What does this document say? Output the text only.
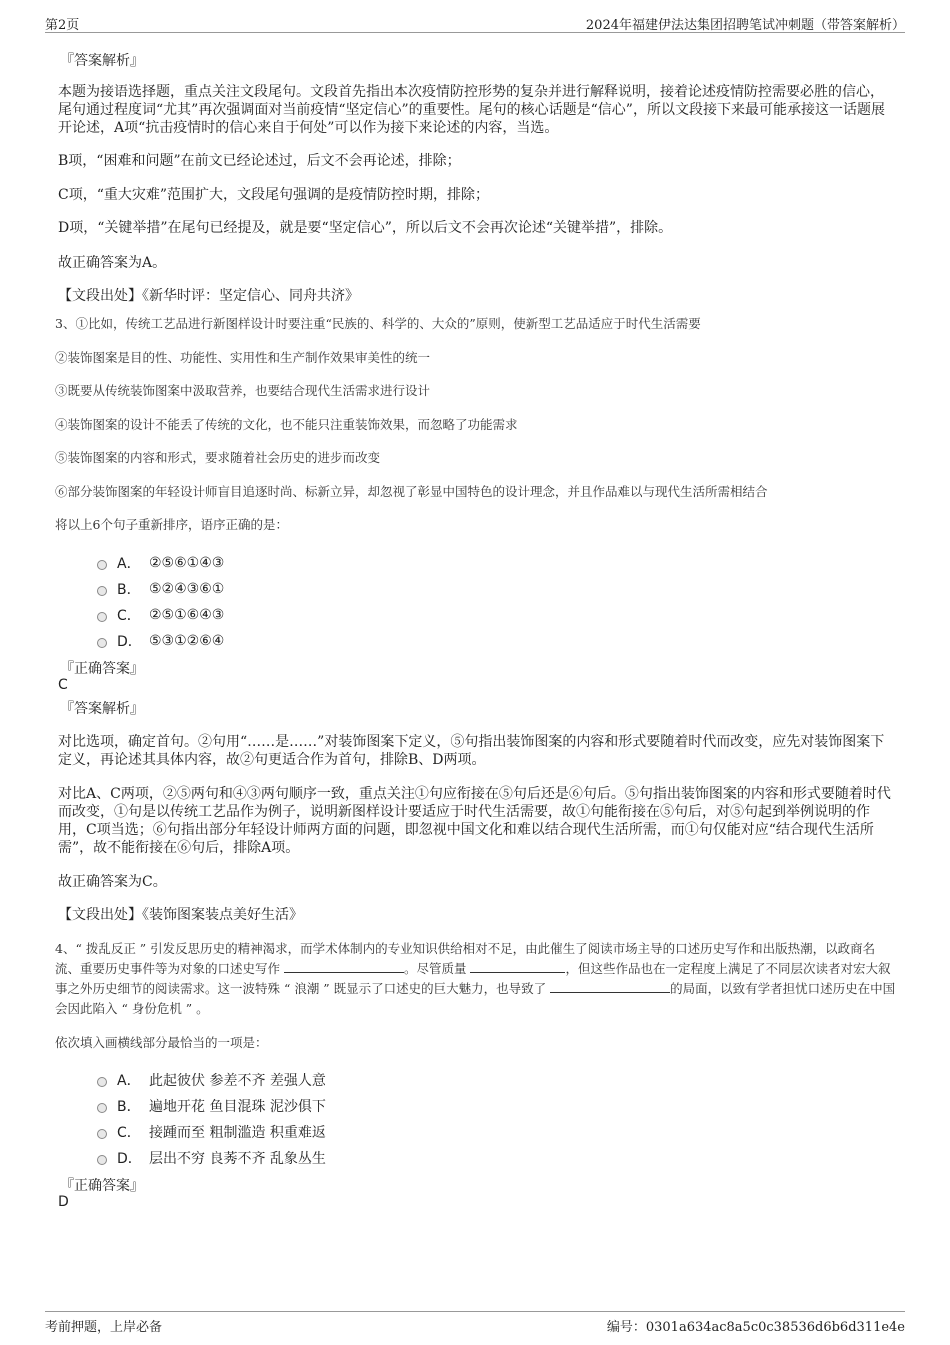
第2页	2024年福建伊法达集团招聘笔试冲刺题（带答案解析）
『答案解析』
本题为接语选择题，重点关注文段尾句。文段首先指出本次疫情防控形势的复杂并进行解释说明，接着论述疫情防控需要必胜的信心，尾句通过程度词“尤其”再次强调面对当前疫情“坚定信心”的重要性。尾句的核心话题是“信心”，所以文段接下来最可能承接这一话题展开论述，A项“抗击疫情时的信心来自于何处”可以作为接下来论述的内容，当选。
B项，“困难和问题”在前文已经论述过，后文不会再论述，排除；
C项，“重大灾难”范围扩大，文段尾句强调的是疫情防控时期，排除；
D项，“关键举措”在尾句已经提及，就是要“坚定信心”，所以后文不会再次论述“关键举措”，排除。
故正确答案为A。
【文段出处】《新华时评：坚定信心、同舟共济》
3、①比如，传统工艺品进行新图样设计时要注重“民族的、科学的、大众的”原则，使新型工艺品适应于时代生活需要
②装饰图案是目的性、功能性、实用性和生产制作效果审美性的统一
③既要从传统装饰图案中汲取营养，也要结合现代生活需求进行设计
④装饰图案的设计不能丢了传统的文化，也不能只注重装饰效果，而忽略了功能需求
⑤装饰图案的内容和形式，要求随着社会历史的进步而改变
⑥部分装饰图案的年轻设计师盲目追逐时尚、标新立异，却忽视了彰显中国特色的设计理念，并且作品难以与现代生活所需相结合
将以上6个句子重新排序，语序正确的是：
A． ②⑤⑥①④③
B． ⑤②④③⑥①
C． ②⑤①⑥④③
D． ⑤③①②⑥④
『正确答案』
C
『答案解析』
对比选项，确定首句。②句用“……是……”对装饰图案下定义，⑤句指出装饰图案的内容和形式要随着时代而改变，应先对装饰图案下定义，再论述其具体内容，故②句更适合作为首句，排除B、D两项。
对比A、C两项，②⑤两句和④③两句顺序一致，重点关注①句应衔接在⑤句后还是⑥句后。⑤句指出装饰图案的内容和形式要随着时代而改变，①句是以传统工艺品作为例子，说明新图样设计要适应于时代生活需要，故①句能衔接在⑤句后，对⑤句起到举例说明的作用，C项当选；⑥句指出部分年轻设计师两方面的问题，即忽视中国文化和难以结合现代生活所需，而①句仅能对应“结合现代生活所需”，故不能衔接在⑥句后，排除A项。
故正确答案为C。
【文段出处】《装饰图案装点美好生活》
4、“ 拨乱反正 ” 引发反思历史的精神渴求，而学术体制内的专业知识供给相对不足，由此催生了阅读市场主导的口述历史写作和出版热潮，以政商名流、重要历史事件等为对象的口述史写作	。尽管质量	，但这些作品也在一定程度上满足了不同层次读者对宏大叙事之外历史细节的阅读需求。这一波特殊 “ 浪潮 ” 既显示了口述史的巨大魅力，也导致了	的局面，以致有学者担忧口述历史在中国会因此陷入 “ 身份危机 ” 。
依次填入画横线部分最恰当的一项是：
A． 此起彼伏 参差不齐 差强人意
B． 遍地开花 鱼目混珠 泥沙俱下
C． 接踵而至 粗制滥造 积重难返
D． 层出不穷 良莠不齐 乱象丛生
『正确答案』
D
考前押题，上岸必备	编号：0301a634ac8a5c0c38536d6b6d311e4e
